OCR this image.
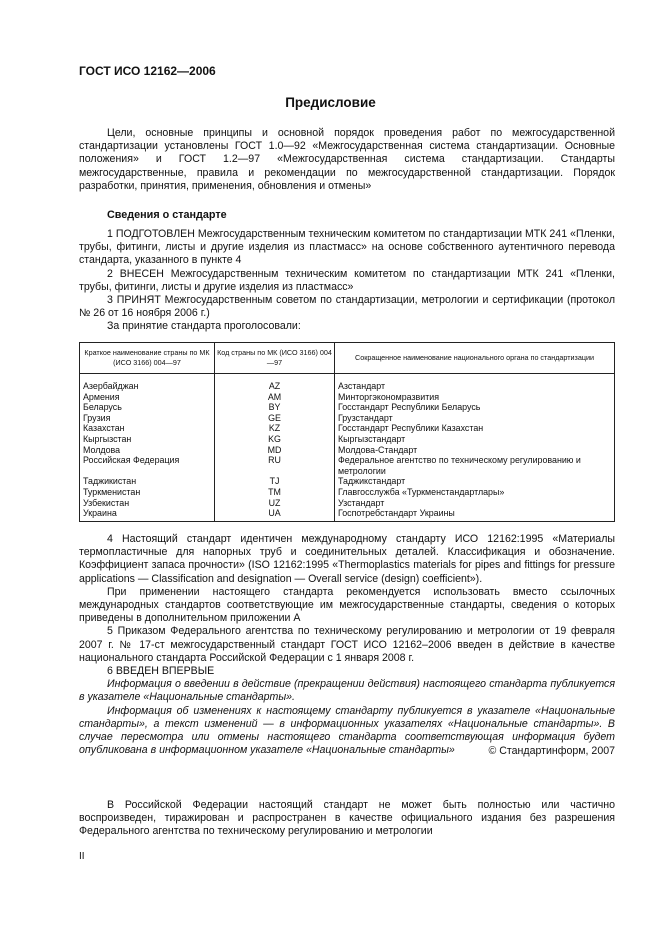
ГОСТ ИСО 12162—2006
Предисловие

Цели, основные принципы и основной порядок проведения работ по межгосударственной стандартизации установлены ГОСТ 1.0—92 «Межгосударственная система стандартизации. Основные положения» и ГОСТ 1.2—97 «Межгосударственная система стандартизации. Стандарты межгосударственные, правила и рекомендации по межгосударственной стандартизации. Порядок разработки, принятия, применения, обновления и отмены»

Сведения о стандарте

1 ПОДГОТОВЛЕН Межгосударственным техническим комитетом по стандартизации МТК 241 «Пленки, трубы, фитинги, листы и другие изделия из пластмасс» на основе собственного аутентичного перевода стандарта, указанного в пункте 4

2 ВНЕСЕН Межгосударственным техническим комитетом по стандартизации МТК 241 «Пленки, трубы, фитинги, листы и другие изделия из пластмасс»

3 ПРИНЯТ Межгосударственным советом по стандартизации, метрологии и сертификации (протокол № 26 от 16 ноября 2006 г.)

За принятие стандарта проголосовали:

Краткое наименование страны по МК (ИСО 3166) 004—97	Код страны по МК (ИСО 3166) 004—97	Сокращенное наименование национального органа по стандартизации
Азербайджан	AZ	Азстандарт
Армения	AM	Минторгэкономразвития
Беларусь	BY	Госстандарт Республики Беларусь
Грузия	GE	Грузстандарт
Казахстан	KZ	Госстандарт Республики Казахстан
Кыргызстан	KG	Кыргызстандарт
Молдова	MD	Молдова-Стандарт
Российская Федерация	RU	Федеральное агентство по техническому регулированию и метрологии
Таджикистан	TJ	Таджикстандарт
Туркменистан	TM	Главгосслужба «Туркменстандартлары»
Узбекистан	UZ	Узстандарт
Украина	UA	Госпотребстандарт Украины

4 Настоящий стандарт идентичен международному стандарту ИСО 12162:1995 «Материалы термопластичные для напорных труб и соединительных деталей. Классификация и обозначение. Коэффициент запаса прочности» (ISO 12162:1995 «Thermoplastics materials for pipes and fittings for pressure applications — Classification and designation — Overall service (design) coefficient»).

При применении настоящего стандарта рекомендуется использовать вместо ссылочных международных стандартов соответствующие им межгосударственные стандарты, сведения о которых приведены в дополнительном приложении А

5 Приказом Федерального агентства по техническому регулированию и метрологии от 19 февраля 2007 г. № 17-ст межгосударственный стандарт ГОСТ ИСО 12162–2006 введен в действие в качестве национального стандарта Российской Федерации с 1 января 2008 г.

6 ВВЕДЕН ВПЕРВЫЕ

Информация о введении в действие (прекращении действия) настоящего стандарта публикуется в указателе «Национальные стандарты».

Информация об изменениях к настоящему стандарту публикуется в указателе «Национальные стандарты», а текст изменений — в информационных указателях «Национальные стандарты». В случае пересмотра или отмены настоящего стандарта соответствующая информация будет опубликована в информационном указателе «Национальные стандарты»	© Стандартинформ, 2007

В Российской Федерации настоящий стандарт не может быть полностью или частично воспроизведен, тиражирован и распространен в качестве официального издания без разрешения Федерального агентства по техническому регулированию и метрологии

II
